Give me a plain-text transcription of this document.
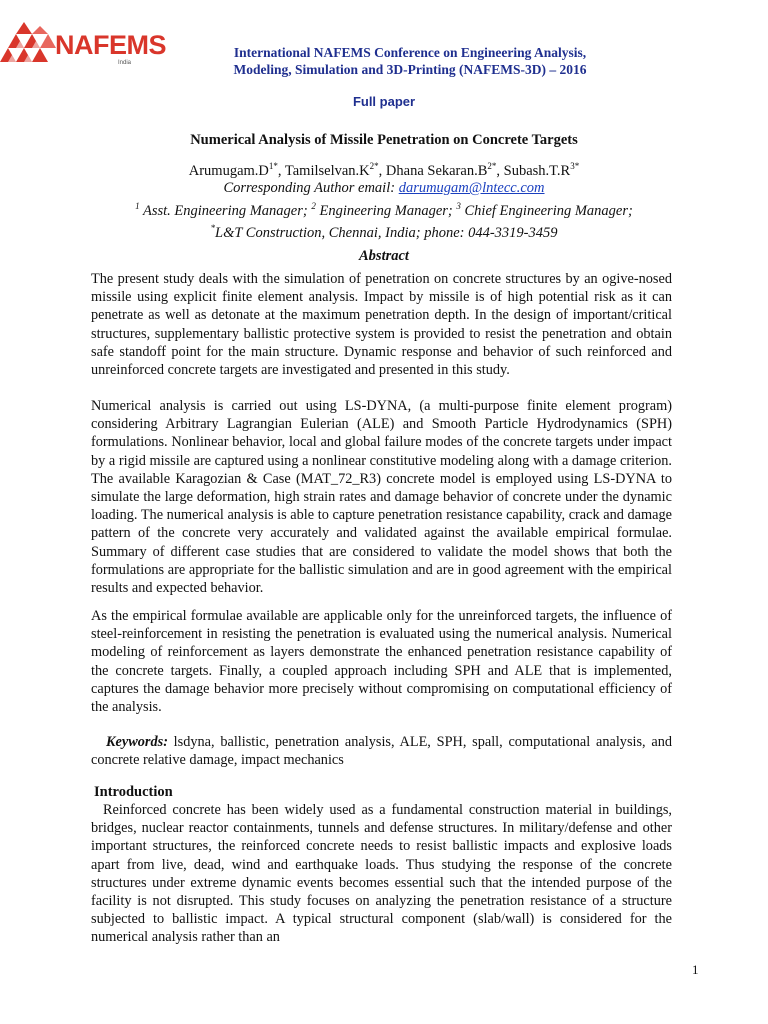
NAFEMS
India
International NAFEMS Conference on Engineering Analysis,
Modeling, Simulation and 3D-Printing (NAFEMS-3D) – 2016
Full paper
Numerical Analysis of Missile Penetration on Concrete Targets
$Arumugam.D^{1*}$, $Tamilselvan.K^{2*}$, Dhana $Sekaran.B^{2*}$, $Subash.T.R^{3*}$
Corresponding Author email: darumugam@lntecc.com
$^1$ Asst. Engineering Manager; $^2$ Engineering Manager; $^3$ Chief Engineering Manager;
*L&T Construction, Chennai, India; phone: 044-3319-3459
Abstract

The present study deals with the simulation of penetration on concrete structures by an ogive-nosed missile using explicit finite element analysis. Impact by missile is of high potential risk as it can penetrate as well as detonate at the maximum penetration depth. In the design of important/critical structures, supplementary ballistic protective system is provided to resist the penetration and obtain safe standoff point for the main structure. Dynamic response and behavior of such reinforced and unreinforced concrete targets are investigated and presented in this study.

Numerical analysis is carried out using LS-DYNA, (a multi-purpose finite element program) considering Arbitrary Lagrangian Eulerian (ALE) and Smooth Particle Hydrodynamics (SPH) formulations. Nonlinear behavior, local and global failure modes of the concrete targets under impact by a rigid missile are captured using a nonlinear constitutive modeling along with a damage criterion. The available Karagozian & Case (MAT_72_R3) concrete model is employed using LS-DYNA to simulate the large deformation, high strain rates and damage behavior of concrete under the dynamic loading. The numerical analysis is able to capture penetration resistance capability, crack and damage pattern of the concrete very accurately and validated against the available empirical formulae. Summary of different case studies that are considered to validate the model shows that both the formulations are appropriate for the ballistic simulation and are in good agreement with the empirical results and expected behavior.

As the empirical formulae available are applicable only for the unreinforced targets, the influence of steel-reinforcement in resisting the penetration is evaluated using the numerical analysis. Numerical modeling of reinforcement as layers demonstrate the enhanced penetration resistance capability of the concrete targets. Finally, a coupled approach including SPH and ALE that is implemented, captures the damage behavior more precisely without compromising on computational efficiency of the analysis.

Keywords: lsdyna, ballistic, penetration analysis, ALE, SPH, spall, computational analysis, and concrete relative damage, impact mechanics

Introduction

Reinforced concrete has been widely used as a fundamental construction material in buildings, bridges, nuclear reactor containments, tunnels and defense structures. In military/defense and other important structures, the reinforced concrete needs to resist ballistic impacts and explosive loads apart from live, dead, wind and earthquake loads. Thus studying the response of the concrete structures under extreme dynamic events becomes essential such that the intended purpose of the facility is not disrupted. This study focuses on analyzing the penetration resistance of a structure subjected to ballistic impact. A typical structural component (slab/wall) is considered for the numerical analysis rather than an

1
